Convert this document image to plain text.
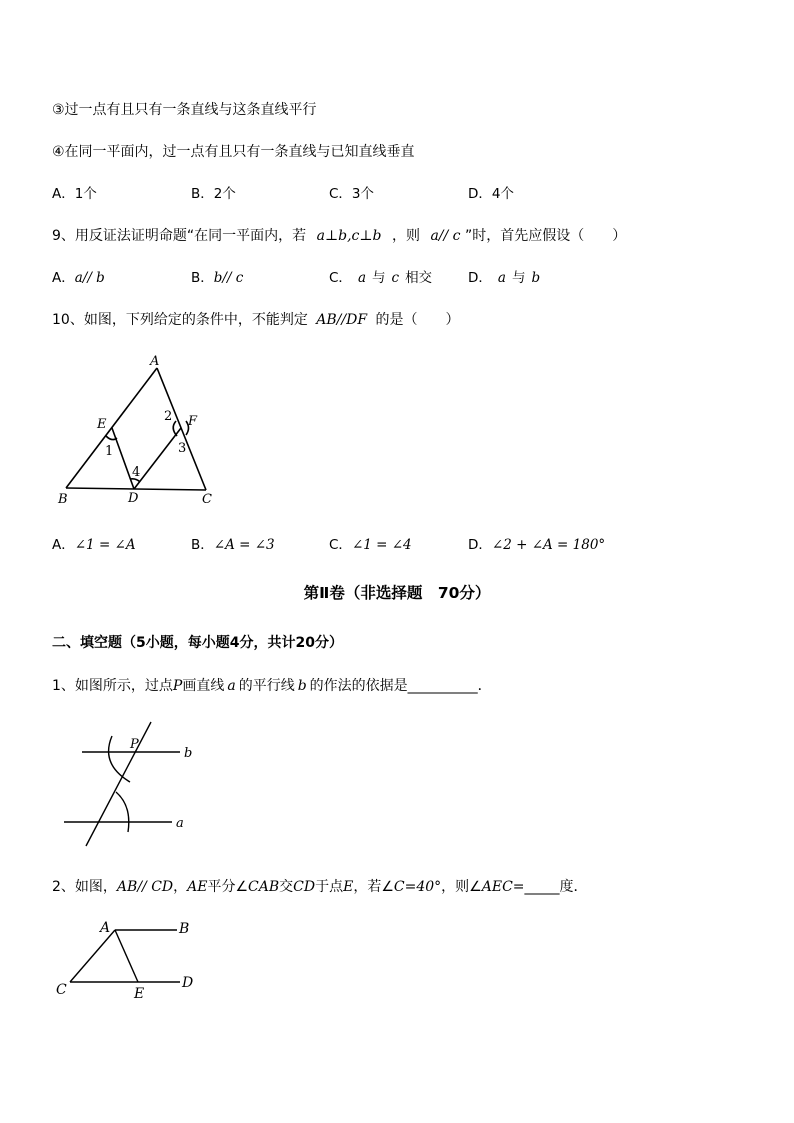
③过一点有且只有一条直线与这条直线平行
④在同一平面内，过一点有且只有一条直线与已知直线垂直
A．1个	B．2个	C．3个	D．4个
9、用反证法证明命题“在同一平面内，若 a⊥b,c⊥b ，则 a// c ”时，首先应假设（　　）
A．a// b	B．b// c	C． a 与 c 相交	D． a 与 b
10、如图，下列给定的条件中，不能判定 AB//DF 的是（　　）
A
B	C
D
E	F
1
2
3
4
A．∠1 = ∠A	B．∠A = ∠3	C．∠1 = ∠4	D．∠2 + ∠A = 180°
第Ⅱ卷（非选择题　70分）
二、填空题（5小题，每小题4分，共计20分）
1、如图所示，过点P画直线 a 的平行线 b 的作法的依据是__________．
P
b
a
2、如图，AB// CD，AE平分∠CAB交CD于点E，若∠C=40°，则∠AEC=_____度．
A	B
C	D
E
